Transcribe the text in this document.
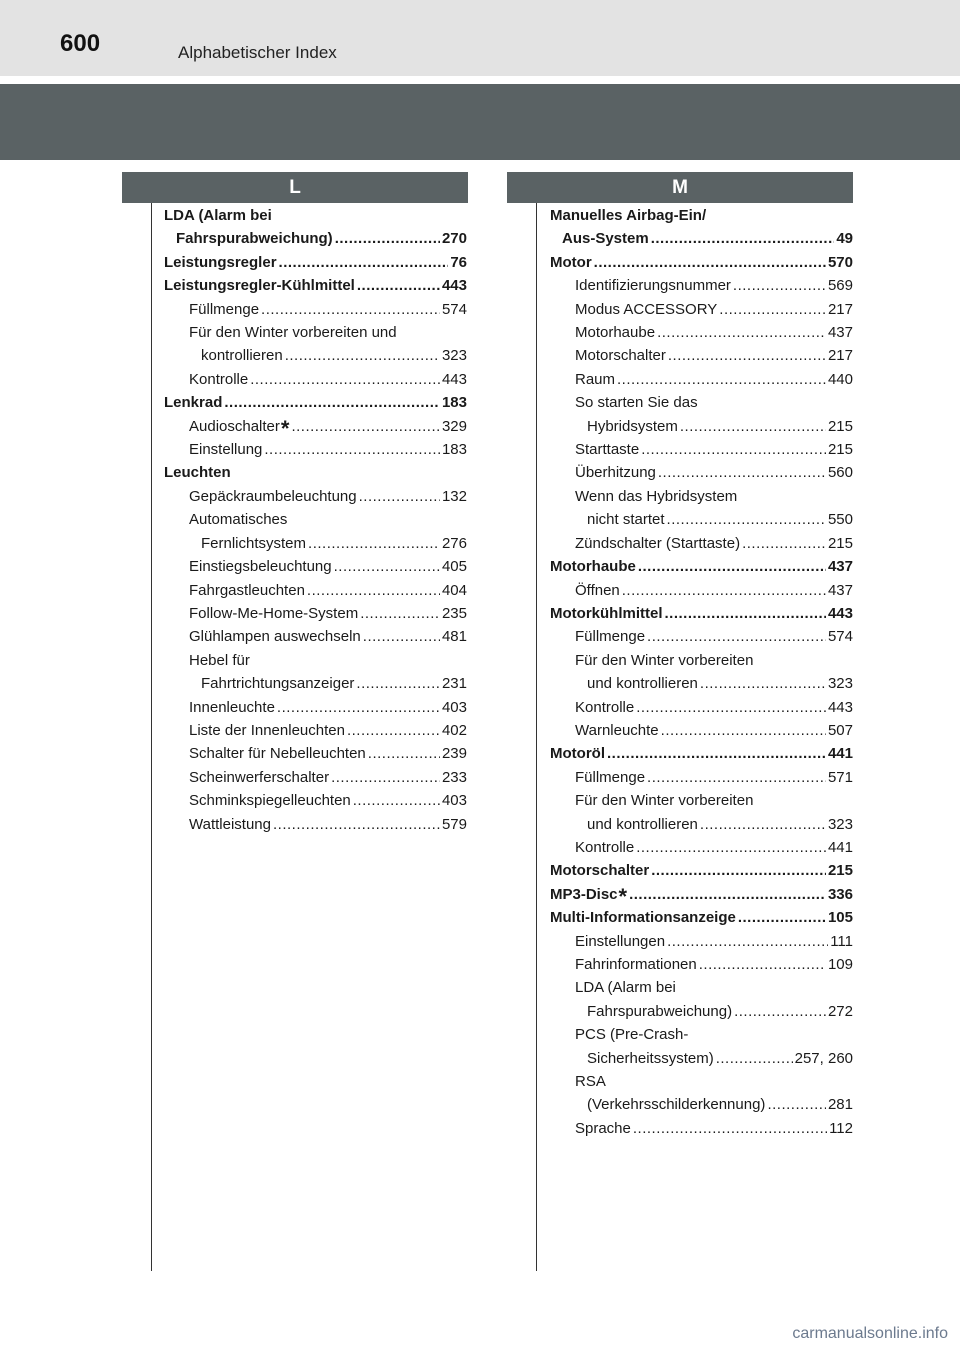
600	Alphabetischer Index
L	M
LDA (Alarm bei
Fahrspurabweichung) .....	270
Leistungsregler .....	76
Leistungsregler-Kühlmittel .....	443
Füllmenge .....	574
Für den Winter vorbereiten und
kontrollieren .....	323
Kontrolle .....	443
Lenkrad .....	183
Audioschalter * .....	329
Einstellung .....	183
Leuchten
Gepäckraumbeleuchtung .....	132
Automatisches
Fernlichtsystem .....	276
Einstiegsbeleuchtung .....	405
Fahrgastleuchten .....	404
Follow-Me-Home-System .....	235
Glühlampen auswechseln .....	481
Hebel für
Fahrtrichtungsanzeiger .....	231
Innenleuchte .....	403
Liste der Innenleuchten .....	402
Schalter für Nebelleuchten .....	239
Scheinwerferschalter .....	233
Schminkspiegelleuchten .....	403
Wattleistung .....	579
Manuelles Airbag-Ein/
Aus-System .....	49
Motor .....	570
Identifizierungsnummer .....	569
Modus ACCESSORY .....	217
Motorhaube .....	437
Motorschalter .....	217
Raum .....	440
So starten Sie das
Hybridsystem .....	215
Starttaste .....	215
Überhitzung .....	560
Wenn das Hybridsystem
nicht startet .....	550
Zündschalter (Starttaste) .....	215
Motorhaube .....	437
Öffnen .....	437
Motorkühlmittel .....	443
Füllmenge .....	574
Für den Winter vorbereiten
und kontrollieren .....	323
Kontrolle .....	443
Warnleuchte .....	507
Motoröl .....	441
Füllmenge .....	571
Für den Winter vorbereiten
und kontrollieren .....	323
Kontrolle .....	441
Motorschalter .....	215
MP3-Disc * .....	336
Multi-Informationsanzeige .....	105
Einstellungen .....	111
Fahrinformationen .....	109
LDA (Alarm bei
Fahrspurabweichung) .....	272
PCS (Pre-Crash-
Sicherheitssystem) .....	257, 260
RSA
(Verkehrsschilderkennung) .....	281
Sprache .....	112
carmanualsonline.info
